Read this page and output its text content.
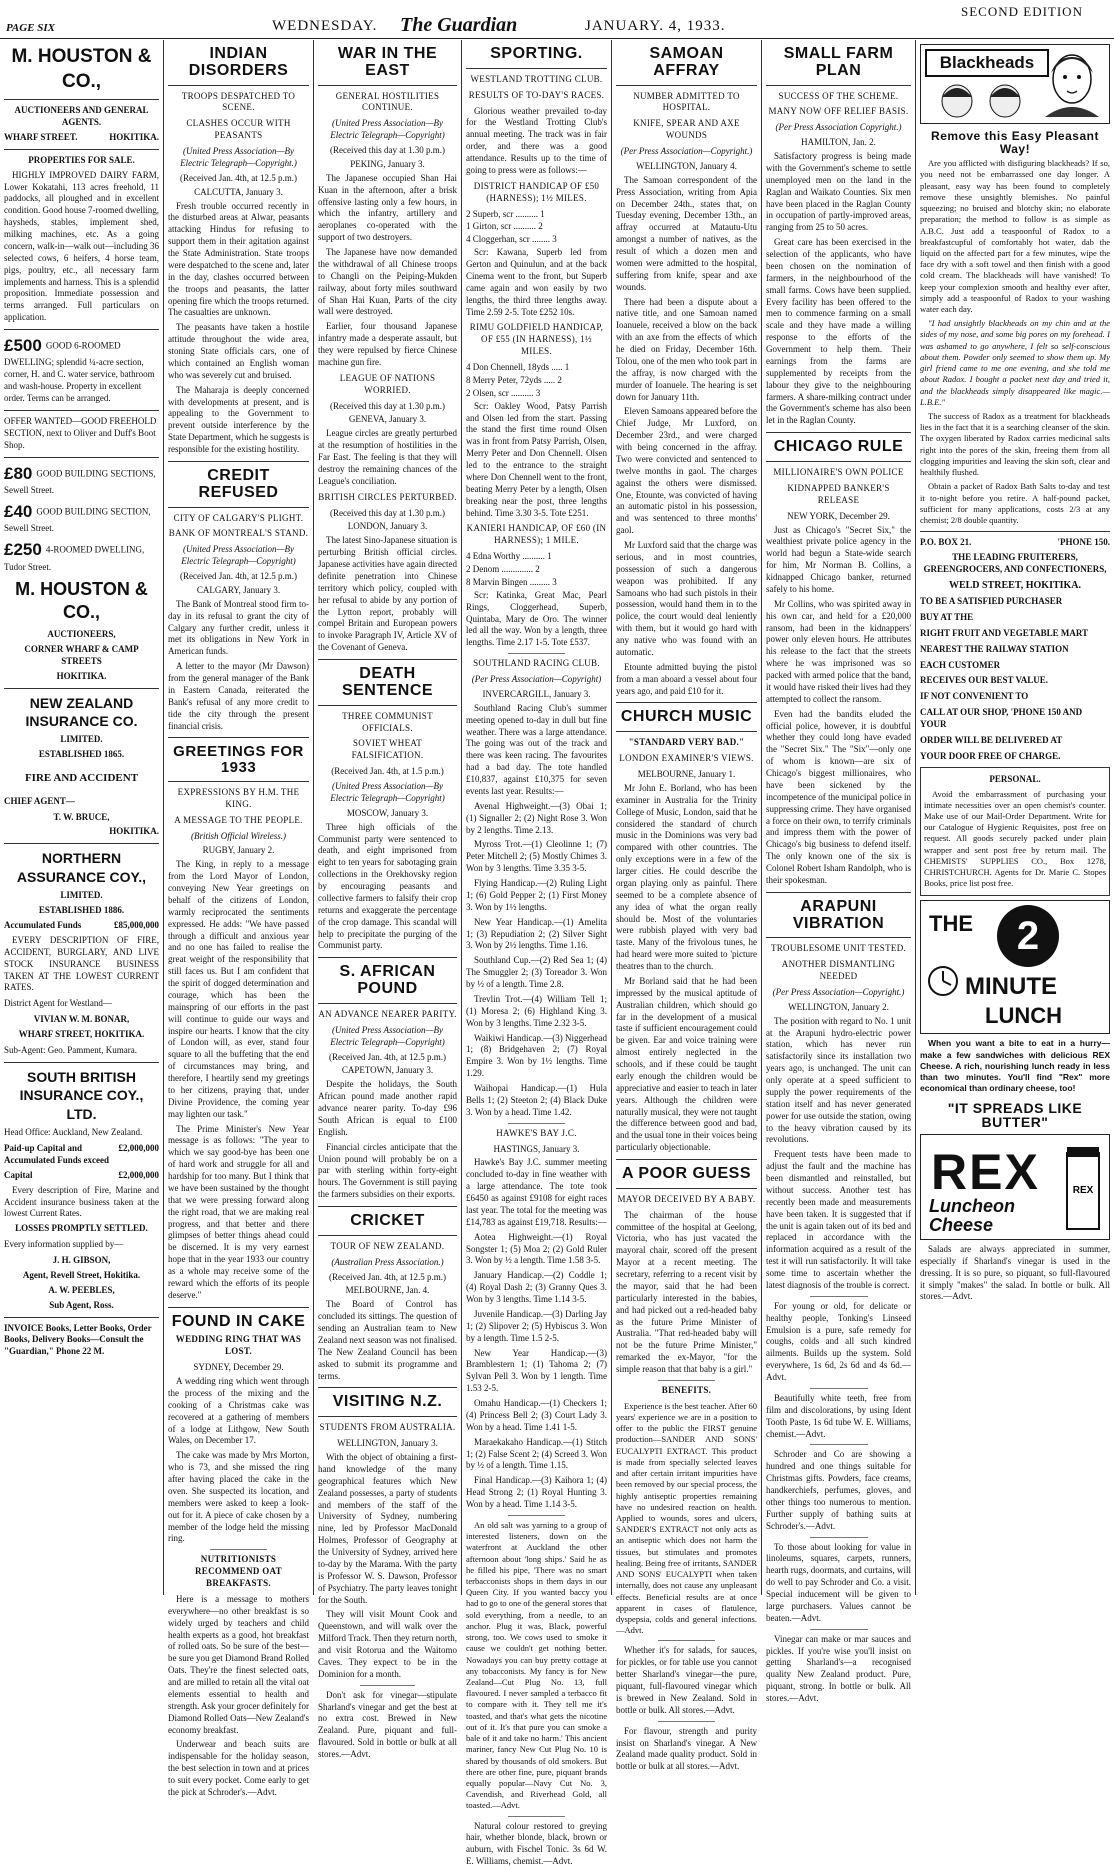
PAGE SIX	WEDNESDAY. The Guardian	JANUARY. 4, 1933.
SECOND EDITION
M. HOUSTON & CO.,
AUCTIONEERS AND GENERAL AGENTS.
WHARF STREET.	HOKITIKA.
PROPERTIES FOR SALE.

HIGHLY IMPROVED DAIRY FARM, Lower Kokatahi, 113 acres freehold, 11 paddocks, all ploughed and in excellent condition. Good house 7-roomed dwelling, haysheds, stables, implement shed, milking machines, etc. As a going concern, walk-in—walk out—including 36 selected cows, 6 heifers, 4 horse team, pigs, poultry, etc., all necessary farm implements and harness. This is a splendid proposition. Immediate possession and terms arranged. Full particulars on application.

£500 GOOD 6-ROOMED DWELLING; splendid ¼-acre section, corner, H. and C. water service, bathroom and wash-house. Property in excellent order. Terms can be arranged.
OFFER WANTED—GOOD FREEHOLD SECTION, next to Oliver and Duff's Boot Shop.
£80 GOOD BUILDING SECTIONS, Sewell Street.
£40 GOOD BUILDING SECTION, Sewell Street.
£250 4-ROOMED DWELLING, Tudor Street.
M. HOUSTON & CO.,
AUCTIONEERS,
CORNER WHARF & CAMP STREETS
HOKITIKA.
NEW ZEALAND INSURANCE CO.
LIMITED.
ESTABLISHED 1865.
FIRE AND ACCIDENT
CHIEF AGENT—
T. W. BRUCE,
HOKITIKA.
NORTHERN ASSURANCE COY.,
LIMITED.
ESTABLISHED 1886.
Accumulated Funds	£85,000,000

EVERY DESCRIPTION OF FIRE, ACCIDENT, BURGLARY, AND LIVE STOCK INSURANCE BUSINESS TAKEN AT THE LOWEST CURRENT RATES.

District Agent for Westland—
VIVIAN W. M. BONAR,
WHARF STREET, HOKITIKA.
Sub-Agent: Geo. Pamment, Kumara.
SOUTH BRITISH INSURANCE COY., LTD.
Head Office: Auckland, New Zealand.
Paid-up Capital and Accumulated Funds exceed
£2,000,000
Capital	£2,000,000

Every description of Fire, Marine and Accident insurance business taken at the lowest Current Rates.

LOSSES PROMPTLY SETTLED.
Every information supplied by—
J. H. GIBSON,
Agent, Revell Street, Hokitika.
A. W. PEEBLES,
Sub Agent, Ross.
INVOICE Books, Letter Books, Order Books, Delivery Books—Consult the "Guardian," Phone 22 M.
INDIAN DISORDERS
TROOPS DESPATCHED TO SCENE.
CLASHES OCCUR WITH PEASANTS
(United Press Association—By Electric Telegraph—Copyright.)
(Received Jan. 4th, at 12.5 p.m.)
CALCUTTA, January 3.

Fresh trouble occurred recently in the disturbed areas at Alwar, peasants attacking Hindus for refusing to support them in their agitation against the State Administration. State troops were despatched to the scene and, later in the day, clashes occurred between the troops and peasants, the latter opening fire which the troops returned. The casualties are unknown.

The peasants have taken a hostile attitude throughout the wide area, stoning State officials cars, one of which contained an English woman who was severely cut and bruised.

The Maharaja is deeply concerned with developments at present, and is appealing to the Government to prevent outside interference by the State Department, which he suggests is responsible for the existing hostility.

CREDIT REFUSED
CITY OF CALGARY'S PLIGHT.
BANK OF MONTREAL'S STAND.
(United Press Association—By Electric Telegraph—Copyright)
(Received Jan. 4th, at 12.5 p.m.)
CALGARY, January 3.

The Bank of Montreal stood firm to-day in its refusal to grant the city of Calgary any further credit, unless it met its obligations in New York in American funds.

A letter to the mayor (Mr Dawson) from the general manager of the Bank in Eastern Canada, reiterated the Bank's refusal of any more credit to tide the city through the present financial crisis.

GREETINGS FOR 1933
EXPRESSIONS BY H.M. THE KING.
A MESSAGE TO THE PEOPLE.
(British Official Wireless.)
RUGBY, January 2.

The King, in reply to a message from the Lord Mayor of London, conveying New Year greetings on behalf of the citizens of London, warmly reciprocated the sentiments expressed. He adds: "We have passed through a difficult and anxious year and no one has failed to realise the great weight of the responsibility that still faces us. But I am confident that the spirit of dogged determination and courage, which has been the mainspring of our efforts in the past will continue to guide our ways and inspire our hearts. I know that the city of London will, as ever, stand four square to all the buffeting that the end of circumstances may bring, and therefore, I heartily send my greetings to her citizens, praying that, under Divine Providence, the coming year may lighten our task."

The Prime Minister's New Year message is as follows: "The year to which we say good-bye has been one of hard work and struggle for all and hardship for too many. But I think that we have been sustained by the thought that we were pressing forward along the right road, that we are making real progress, and that better and there glimpses of better things ahead could be discerned. It is my very earnest hope that in the year 1933 our country as a whole may receive some of the reward which the efforts of its people deserve."

FOUND IN CAKE
WEDDING RING THAT WAS LOST.
SYDNEY, December 29.

A wedding ring which went through the process of the mixing and the cooking of a Christmas cake was recovered at a gathering of members of a lodge at Lithgow, New South Wales, on December 17.

The cake was made by Mrs Morton, who is 73, and she missed the ring after having placed the cake in the oven. She suspected its location, and members were asked to keep a look-out for it. A piece of cake chosen by a member of the lodge held the missing ring.

NUTRITIONISTS RECOMMEND OAT BREAKFASTS.

Here is a message to mothers everywhere—no other breakfast is so widely urged by teachers and child health experts as a good, hot breakfast of rolled oats. So be sure of the best—be sure you get Diamond Brand Rolled Oats. They're the finest selected oats, and are milled to retain all the vital oat elements essential to health and strength. Ask your grocer definitely for Diamond Rolled Oats—New Zealand's economy breakfast.

Underwear and beach suits are indispensable for the holiday season, the best selection in town and at prices to suit every pocket. Come early to get the pick at Schroder's.—Advt.

WAR IN THE EAST
GENERAL HOSTILITIES CONTINUE.
(United Press Association—By Electric Telegraph—Copyright)
(Received this day at 1.30 p.m.)
PEKING, January 3.

The Japanese occupied Shan Hai Kuan in the afternoon, after a brisk offensive lasting only a few hours, in which the infantry, artillery and aeroplanes co-operated with the support of two destroyers.

The Japanese have now demanded the withdrawal of all Chinese troops to Changli on the Peiping-Mukden railway, about forty miles southward of Shan Hai Kuan, Parts of the city wall were destroyed.

Earlier, four thousand Japanese infantry made a desperate assault, but they were repulsed by fierce Chinese machine gun fire.

LEAGUE OF NATIONS WORRIED.
(Received this day at 1.30 p.m.)
GENEVA, January 3.

League circles are greatly perturbed at the resumption of hostilities in the Far East. The feeling is that they will destroy the remaining chances of the League's conciliation.

BRITISH CIRCLES PERTURBED.
(Received this day at 1.30 p.m.)
LONDON, January 3.

The latest Sino-Japanese situation is perturbing British official circles. Japanese activities have again directed definite penetration into Chinese territory which policy, coupled with her refusal to abide by any portion of the Lytton report, probably will compel Britain and European powers to invoke Paragraph IV, Article XV of the Covenant of Geneva.

DEATH SENTENCE
THREE COMMUNIST OFFICIALS.
SOVIET WHEAT FALSIFICATION.
(Received Jan. 4th, at 1.5 p.m.)
(United Press Association—By Electric Telegraph—Copyright)
MOSCOW, January 3.

Three high officials of the Communist party were sentenced to death, and eight imprisoned from eight to ten years for sabotaging grain collections in the Orekhovsky region by encouraging peasants and collective farmers to falsify their crop returns and exaggerate the percentage of the crop damage. This scandal will help to precipitate the purging of the Communist party.

S. AFRICAN POUND
AN ADVANCE NEARER PARITY.
(United Press Association—By Electric Telegraph—Copyright)
(Received Jan. 4th, at 12.5 p.m.)
CAPETOWN, January 3.

Despite the holidays, the South African pound made another rapid advance nearer parity. To-day £96 South African is equal to £100 English.

Financial circles anticipate that the Union pound will probably be on a par with sterling within forty-eight hours. The Government is still paying the farmers subsidies on their exports.

CRICKET
TOUR OF NEW ZEALAND.
(Australian Press Association.)
(Received Jan. 4th, at 12.5 p.m.)
MELBOURNE, Jan. 4.

The Board of Control has concluded its sittings. The question of sending an Australian team to New Zealand next season was not finalised. The New Zealand Council has been asked to submit its programme and terms.

VISITING N.Z.
STUDENTS FROM AUSTRALIA.
WELLINGTON, January 3.

With the object of obtaining a first-hand knowledge of the many geographical features which New Zealand possesses, a party of students and members of the staff of the University of Sydney, numbering nine, led by Professor MacDonald Holmes, Professor of Geography at the University of Sydney, arrived here to-day by the Marama. With the party is Professor W. S. Dawson, Professor of Psychiatry. The party leaves tonight for the South.

They will visit Mount Cook and Queenstown, and will walk over the Milford Track. Then they return north, and visit Rotorua and the Waitomo Caves. They expect to be in the Dominion for a month.

Don't ask for vinegar—stipulate Sharland's vinegar and get the best at no extra cost. Brewed in New Zealand. Pure, piquant and full-flavoured. Sold in bottle or bulk at all stores.—Advt.

SPORTING.
WESTLAND TROTTING CLUB.
RESULTS OF TO-DAY'S RACES.

Glorious weather prevailed to-day for the Westland Trotting Club's annual meeting. The track was in fair order, and there was a good attendance. Results up to the time of going to press were as follows:—

DISTRICT HANDICAP OF £50 (HARNESS); 1½ MILES.
2 Superb, scr .......... 1
1 Girton, scr .......... 2
4 Cloggerhan, scr ........ 3

Scr: Kawana, Superb led from Gerton and Quinulun, and at the back Cinema went to the front, but Superb came again and won easily by two lengths, the third three lengths away. Time 2.59 2-5. Tote £252 10s.

RIMU GOLDFIELD HANDICAP, OF £55 (IN HARNESS), 1½ MILES.
4 Don Chennell, 18yds ..... 1
8 Merry Peter, 72yds ..... 2
2 Olsen, scr .......... 3

Scr: Oakley Wood, Patsy Parrish and Olsen led from the start. Passing the stand the first time round Olsen was in front from Patsy Parrish, Olsen, Merry Peter and Don Chennell. Olsen led to the entrance to the straight where Don Chennell went to the front, beating Merry Peter by a length, Olsen breaking near the post, three lengths behind. Time 3.30 3-5. Tote £251.

KANIERI HANDICAP, OF £60 (IN HARNESS); 1 MILE.
4 Edna Worthy .......... 1
2 Denom .............. 2
8 Marvin Bingen ......... 3

Scr: Katinka, Great Mac, Pearl Rings, Cloggerhead, Superb, Quintaba, Mary de Oro. The winner led all the way. Won by a length, three lengths. Time 2.17 1-5. Tote £537.

SOUTHLAND RACING CLUB.
(Per Press Association—Copyright)
INVERCARGILL, January 3.

Southland Racing Club's summer meeting opened to-day in dull but fine weather. There was a large attendance. The going was out of the track and there was keen racing. The favourites had a bad day. The tote handled £10,837, against £10,375 for seven events last year. Results:—

Avenal Highweight.—(3) Obai 1; (1) Signaller 2; (2) Night Rose 3. Won by 2 lengths. Time 2.13.

Myross Trot.—(1) Cleolinne 1; (7) Peter Mitchell 2; (5) Mostly Chimes 3. Won by 3 lengths. Time 3.35 3-5.

Flying Handicap.—(2) Ruling Light 1; (6) Gold Pepper 2; (1) First Money 3. Won by 1½ lengths.

New Year Handicap.—(1) Amelita 1; (3) Repudiation 2; (2) Silver Sight 3. Won by 2½ lengths. Time 1.16.

Southland Cup.—(2) Red Sea 1; (4) The Smuggler 2; (3) Toreador 3. Won by ½ of a length. Time 2.8.

Trevlin Trot.—(4) William Tell 1; (1) Moresa 2; (6) Highland King 3. Won by 3 lengths. Time 2.32 3-5.

Waikiwi Handicap.—(3) Niggerhead 1; (8) Bridgehaven 2; (7) Royal Empire 3. Won by 1½ lengths. Time 1.29.

Waihopai Handicap.—(1) Hula Bells 1; (2) Steeton 2; (4) Black Duke 3. Won by a head. Time 1.42.

HAWKE'S BAY J.C.
HASTINGS, January 3.

Hawke's Bay J.C. summer meeting concluded to-day in fine weather with a large attendance. The tote took £6450 as against £9108 for eight races last year. The total for the meeting was £14,783 as against £19,718. Results:—

Aotea Highweight.—(1) Royal Songster 1; (5) Moa 2; (2) Gold Ruler 3. Won by ½ a length. Time 1.58 3-5.

January Handicap.—(2) Coddle 1; (4) Royal Dash 2; (3) Granny Ques 3. Won by 3 lengths. Time 1.14 3-5.

Juvenile Handicap.—(3) Darling Jay 1; (2) Slipover 2; (5) Hybiscus 3. Won by a length. Time 1.5 2-5.

New Year Handicap.—(3) Bramblestern 1; (1) Tahoma 2; (7) Sylvan Pell 3. Won by 1 length. Time 1.53 2-5.

Omahu Handicap.—(1) Checkers 1; (4) Princess Bell 2; (3) Court Lady 3. Won by a head. Time 1.41 1-5.

Maraekakaho Handicap.—(1) Stitch 1; (2) False Scent 2; (4) Screed 3. Won by ½ of a length. Time 1.15.

Final Handicap.—(3) Kaihora 1; (4) Head Strong 2; (1) Royal Hunting 3. Won by a head. Time 1.14 3-5.

An old salt was yarning to a group of interested listeners, down on the waterfront at Auckland the other afternoon about 'long ships.' Said he as he filled his pipe, 'There was no smart terbacconists shops in them days in our Queen City. If you wanted baccy you had to go to one of the general stores that sold everything, from a needle, to an anchor. Plug it was, Black, powerful strong, too. We cows used to smoke it cause we couldn't get nothing better. Nowadays you can buy pretty cottage at any tobacconists. My fancy is for New Zealand—Cut Plug No. 13, full flavoured. I never sampled a terbacco fit to compare with it. They tell me it's toasted, and that's what gets the nicotine out of it. It's that pure you can smoke a bale of it and take no harm.' This ancient mariner, fancy New Cut Plug No. 10 is shared by thousands of old smokers. But there are other fine, pure, piquant brands equally popular—Navy Cut No. 3, Cavendish, and Riverhead Gold, all toasted.—Advt.

Natural colour restored to greying hair, whether blonde, black, brown or auburn, with Fischel Tonic. 3s 6d W. E. Williams, chemist.—Advt.

SAMOAN AFFRAY
NUMBER ADMITTED TO HOSPITAL.
KNIFE, SPEAR AND AXE WOUNDS
(Per Press Association—Copyright.)
WELLINGTON, January 4.

The Samoan correspondent of the Press Association, writing from Apia on December 24th., states that, on Tuesday evening, December 13th., an affray occurred at Matautu-Utu amongst a number of natives, as the result of which a dozen men and women were admitted to the hospital, suffering from knife, spear and axe wounds.

There had been a dispute about a native title, and one Samoan named Ioanuele, received a blow on the back with an axe from the effects of which he died on Friday, December 16th. Tolou, one of the men who took part in the affray, is now charged with the murder of Ioanuele. The hearing is set down for January 11th.

Eleven Samoans appeared before the Chief Judge, Mr Luxford, on December 23rd., and were charged with being concerned in the affray. Two were convicted and sentenced to twelve months in gaol. The charges against the others were dismissed. One, Etounte, was convicted of having an automatic pistol in his possession, and was sentenced to three months' gaol.

Mr Luxford said that the charge was serious, and in most countries, possession of such a dangerous weapon was prohibited. If any Samoans who had such pistols in their possession, would hand them in to the police, the court would deal leniently with them, but it would go hard with any native who was found with an automatic.

Etounte admitted buying the pistol from a man aboard a vessel about four years ago, and paid £10 for it.

CHURCH MUSIC
"STANDARD VERY BAD."
LONDON EXAMINER'S VIEWS.
MELBOURNE, January 1.

Mr John E. Borland, who has been examiner in Australia for the Trinity College of Music, London, said that he considered the standard of church music in the Dominions was very bad compared with other countries. The only exceptions were in a few of the larger cities. He could describe the organ playing only as painful. There seemed to be a complete absence of any idea of what the organ really should be. Most of the voluntaries were rubbish played with very bad taste. Many of the frivolous tunes, he had heard were more suited to 'picture theatres than to the church.

Mr Borland said that he had been impressed by the musical aptitude of Australian children, which should go far in the development of a musical taste if sufficient encouragement could be given. Ear and voice training were almost entirely neglected in the schools, and if these could be taught early enough the children would be appreciative and easier to teach in later years. Although the children were naturally musical, they were not taught the difference between good and bad, and the usual tone in their voices being particularly objectionable.

A POOR GUESS
MAYOR DECEIVED BY A BABY.

The chairman of the house committee of the hospital at Geelong, Victoria, who has just vacated the mayoral chair, scored off the present Mayor at a recent meeting. The secretary, referring to a recent visit by the mayor, said that he had been particularly interested in the babies, and had picked out a red-headed baby as the future Prime Minister of Australia. "That red-headed baby will not be the future Prime Minister," remarked the ex-Mayor, "for the simple reason that that baby is a girl."

BENEFITS.

Experience is the best teacher. After 60 years' experience we are in a position to offer to the public the FIRST genuine production—SANDER AND SONS' EUCALYPTI EXTRACT. This product is made from specially selected leaves and after certain irritant impurities have been removed by our special process, the highly antiseptic properties remaining have no undesired reaction on health. Applied to wounds, sores and ulcers, SANDER'S EXTRACT not only acts as an antiseptic which does not harm the tissues, but stimulates and promotes healing. Being free of irritants, SANDER AND SONS' EUCALYPTI when taken internally, does not cause any unpleasant effects. Beneficial results are at once apparent in cases of flatulence, dyspepsia, colds and general infections.—Advt.

Whether it's for salads, for sauces, for pickles, or for table use you cannot better Sharland's vinegar—the pure, piquant, full-flavoured vinegar which is brewed in New Zealand. Sold in bottle or bulk. All stores.—Advt.

For flavour, strength and purity insist on Sharland's vinegar. A New Zealand made quality product. Sold in bottle or bulk at all stores.—Advt.

SMALL FARM PLAN
SUCCESS OF THE SCHEME.
MANY NOW OFF RELIEF BASIS.
(Per Press Association Copyright.)
HAMILTON, Jan. 2.

Satisfactory progress is being made with the Government's scheme to settle unemployed men on the land in the Raglan and Waikato Counties. Six men have been placed in the Raglan County in occupation of partly-improved areas, ranging from 25 to 50 acres.

Great care has been exercised in the selection of the applicants, who have been chosen on the nomination of farmers, in the neighbourhood of the small farms. Cows have been supplied. Every facility has been offered to the men to commence farming on a small scale and they have made a willing response to the efforts of the Government to help them. Their earnings from the farms are supplemented by receipts from the labour they give to the neighbouring farmers. A share-milking contract under the Government's scheme has also been let in the Raglan County.

CHICAGO RULE
MILLIONAIRE'S OWN POLICE
KIDNAPPED BANKER'S RELEASE
NEW YORK, December 29.

Just as Chicago's "Secret Six," the wealthiest private police agency in the world had begun a State-wide search for him, Mr Norman B. Collins, a kidnapped Chicago banker, returned safely to his home.

Mr Collins, who was spirited away in his own car, and held for a £20,000 ransom, had been in the kidnappers' power only eleven hours. He attributes his release to the fact that the streets where he was imprisoned was so packed with armed police that the band, it would have risked their lives had they attempted to collect the ransom.

Even had the bandits eluded the official police, however, it is doubtful whether they could long have evaded the "Secret Six." The "Six"—only one of whom is known—are six of Chicago's biggest millionaires, who have been sickened by the incompetence of the municipal police in suppressing crime. They have organised a force on their own, to terrify criminals and impress them with the power of Chicago's big business to defend itself. The only known one of the six is Colonel Robert Isham Randolph, who is their spokesman.

ARAPUNI VIBRATION
TROUBLESOME UNIT TESTED.
ANOTHER DISMANTLING NEEDED
(Per Press Association—Copyright.)
WELLINGTON, January 2.

The position with regard to No. 1 unit at the Arapuni hydro-electric power station, which has never run satisfactorily since its installation two years ago, is unchanged. The unit can only operate at a speed sufficient to supply the power requirements of the station itself and has never generated power for use outside the station, owing to the heavy vibration caused by its revolutions.

Frequent tests have been made to adjust the fault and the machine has been dismantled and reinstalled, but without success. Another test has recently been made and measurements have been taken. It is suggested that if the unit is again taken out of its bed and replaced in accordance with the information acquired as a result of the test it will run satisfactorily. It will take some time to ascertain whether the latest diagnosis of the trouble is correct.

For young or old, for delicate or healthy people, Tonking's Linseed Emulsion is a pure, safe remedy for coughs, colds and all such kindred ailments. Builds up the system. Sold everywhere, 1s 6d, 2s 6d and 4s 6d.—Advt.

Beautifully white teeth, free from film and discolorations, by using Ident Tooth Paste, 1s 6d tube W. E. Williams, chemist.—Advt.

Schroder and Co are showing a hundred and one things suitable for Christmas gifts. Powders, face creams, handkerchiefs, perfumes, gloves, and other things too numerous to mention. Further supply of bathing suits at Schroder's.—Advt.

To those about looking for value in linoleums, squares, carpets, runners, hearth rugs, doormats, and curtains, will do well to pay Schroder and Co. a visit. Special inducement will be given to large purchasers. Values cannot be beaten.—Advt.

Vinegar can make or mar sauces and pickles. If you're wise you'll insist on getting Sharland's—a recognised quality New Zealand product. Pure, piquant, strong. In bottle or bulk. All stores.—Advt.

Blackheads
Remove this Easy Pleasant Way!

Are you afflicted with disfiguring blackheads? If so, you need not be embarrassed one day longer. A pleasant, easy way has been found to completely remove these unsightly blemishes. No painful squeezing; no bruised and blotchy skin; no elaborate preparation; the method to follow is as simple as A.B.C. Just add a teaspoonful of Radox to a breakfastcupful of comfortably hot water, dab the liquid on the affected part for a few minutes, wipe the face dry with a soft towel and then finish with a good cold cream. The blackheads will have vanished! To keep your complexion smooth and healthy ever after, simply add a teaspoonful of Radox to your washing water each day.

"I had unsightly blackheads on my chin and at the sides of my nose, and some big pores on my forehead. I was ashamed to go anywhere, I felt so self-conscious about them. Powder only seemed to show them up. My girl friend came to me one evening, and she told me about Radox. I bought a packet next day and tried it, and the blackheads simply disappeared like magic.—L.B.E."

The success of Radox as a treatment for blackheads lies in the fact that it is a searching cleanser of the skin. The oxygen liberated by Radox carries medicinal salts right into the pores of the skin, freeing them from all clogging impurities and leaving the skin soft, clear and healthily flushed.

Obtain a packet of Radox Bath Salts to-day and test it to-night before you retire. A half-pound packet, sufficient for many applications, costs 2/3 at any chemist; 2/8 double quantity.

P.O. BOX 21.	'PHONE 150.
THE LEADING FRUITERERS, GREENGROCERS, AND CONFECTIONERS,
WELD STREET, HOKITIKA.
TO BE A SATISFIED PURCHASER
BUY AT THE
RIGHT FRUIT AND VEGETABLE MART
NEAREST THE RAILWAY STATION
EACH CUSTOMER
RECEIVES OUR BEST VALUE.
IF NOT CONVENIENT TO
CALL AT OUR SHOP, 'PHONE 150 AND YOUR
ORDER WILL BE DELIVERED AT
YOUR DOOR FREE OF CHARGE.
PERSONAL.

Avoid the embarrassment of purchasing your intimate necessities over an open chemist's counter. Make use of our Mail-Order Department. Write for our Catalogue of Hygienic Requisites, post free on request. All goods securely packed under plain wrapper and sent post free by return mail. The CHEMISTS' SUPPLIES CO., Box 1278, CHRISTCHURCH. Agents for Dr. Marie C. Stopes Books, price list post free.

THE	2
MINUTE
LUNCH

When you want a bite to eat in a hurry—make a few sandwiches with delicious REX Cheese. A rich, nourishing lunch ready in less than two minutes. You'll find "Rex" more economical than ordinary cheese, too!

"IT SPREADS LIKE BUTTER"
REX
Luncheon Cheese
REX

Salads are always appreciated in summer, especially if Sharland's vinegar is used in the dressing. It is so pure, so piquant, so full-flavoured it simply "makes" the salad. In bottle or bulk. All stores.—Advt.
